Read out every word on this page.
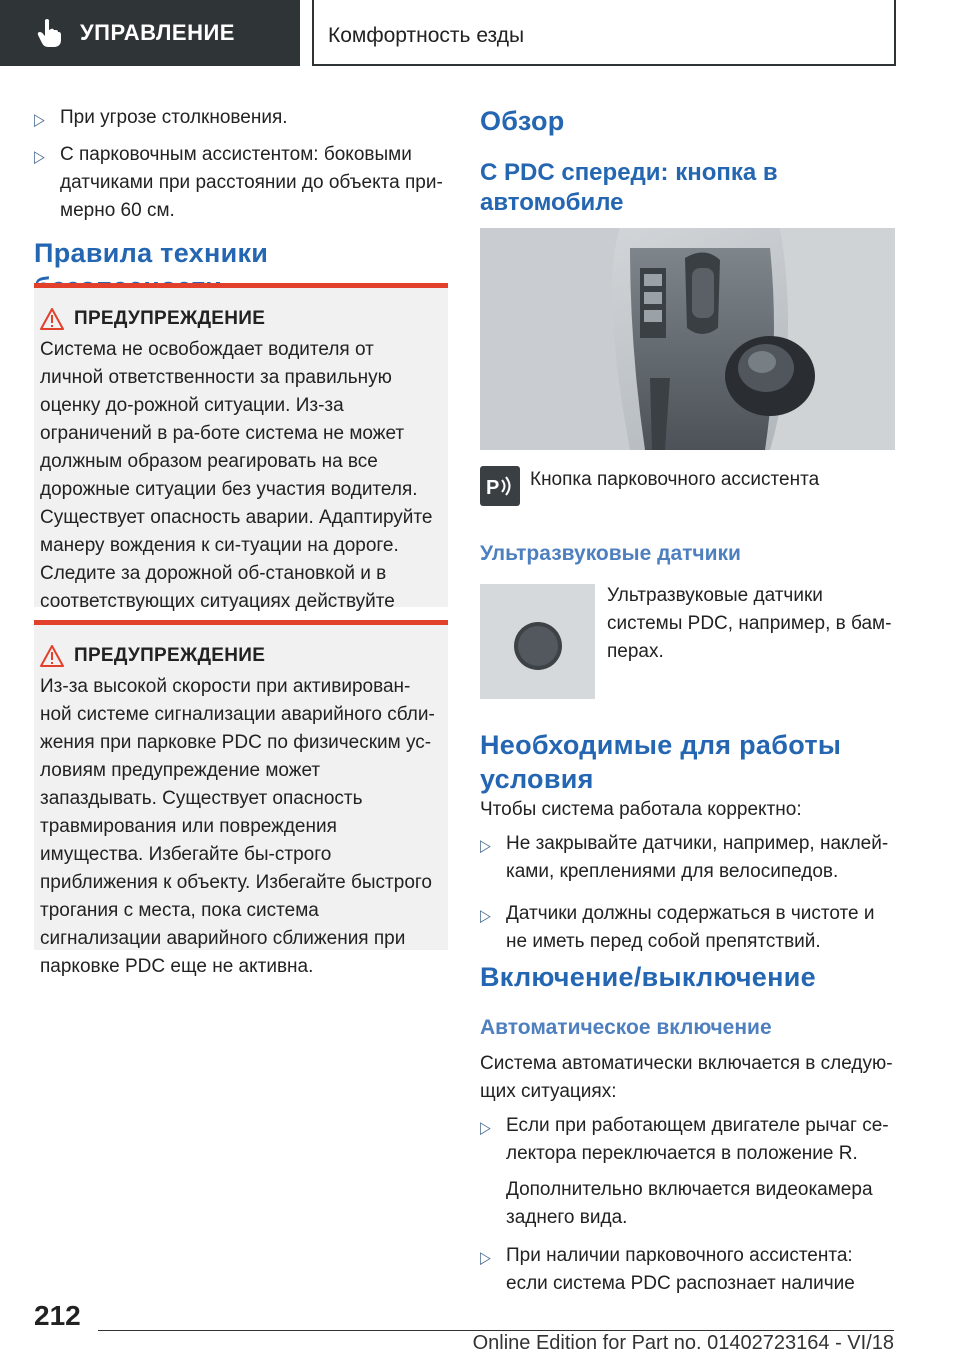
УПРАВЛЕНИЕ	Комфортность езды
▷ При угрозе столкновения.
▷ С парковочным ассистентом: боковыми датчиками при расстоянии до объекта при-мерно 60 см.
Правила техники
ПРЕДУПРЕЖДЕНИЕ

Система не освобождает водителя от личной ответственности за правильную оценку до-рожной ситуации. Из-за ограничений в ра-боте система не может должным образом реагировать на все дорожные ситуации без участия водителя. Существует опасность аварии. Адаптируйте манеру вождения к си-туации на дороге. Следите за дорожной об-становкой и в соответствующих ситуациях действуйте

ПРЕДУПРЕЖДЕНИЕ

Из-за высокой скорости при активирован-ной системе сигнализации аварийного сбли-жения при парковке PDC по физическим ус-ловиям предупреждение может запаздывать. Существует опасность травмирования или повреждения имущества. Избегайте бы-строго приближения к объекту. Избегайте быстрого трогания с места, пока система сигнализации аварийного сближения при парковке PDC еще не активна.

Обзор
С PDC спереди: кнопка в автомобиле
P Кнопка парковочного ассистента

Ультразвуковые датчики

Ультразвуковые датчики системы PDC, например, в бам-перах.

Необходимые для работы условия

Чтобы система работала корректно:

▷ Не закрывайте датчики, например, наклей-ками, креплениями для велосипедов.
▷ Датчики должны содержаться в чистоте и не иметь перед собой препятствий.
Включение/выключение
Автоматическое включение

Система автоматически включается в следую-щих ситуациях:

▷ Если при работающем двигателе рычаг се-лектора переключается в положение R.

Дополнительно включается видеокамера заднего вида.

▷ При наличии парковочного ассистента: если система PDC распознает наличие
212
Online Edition for Part no. 01402723164 - VI/18
